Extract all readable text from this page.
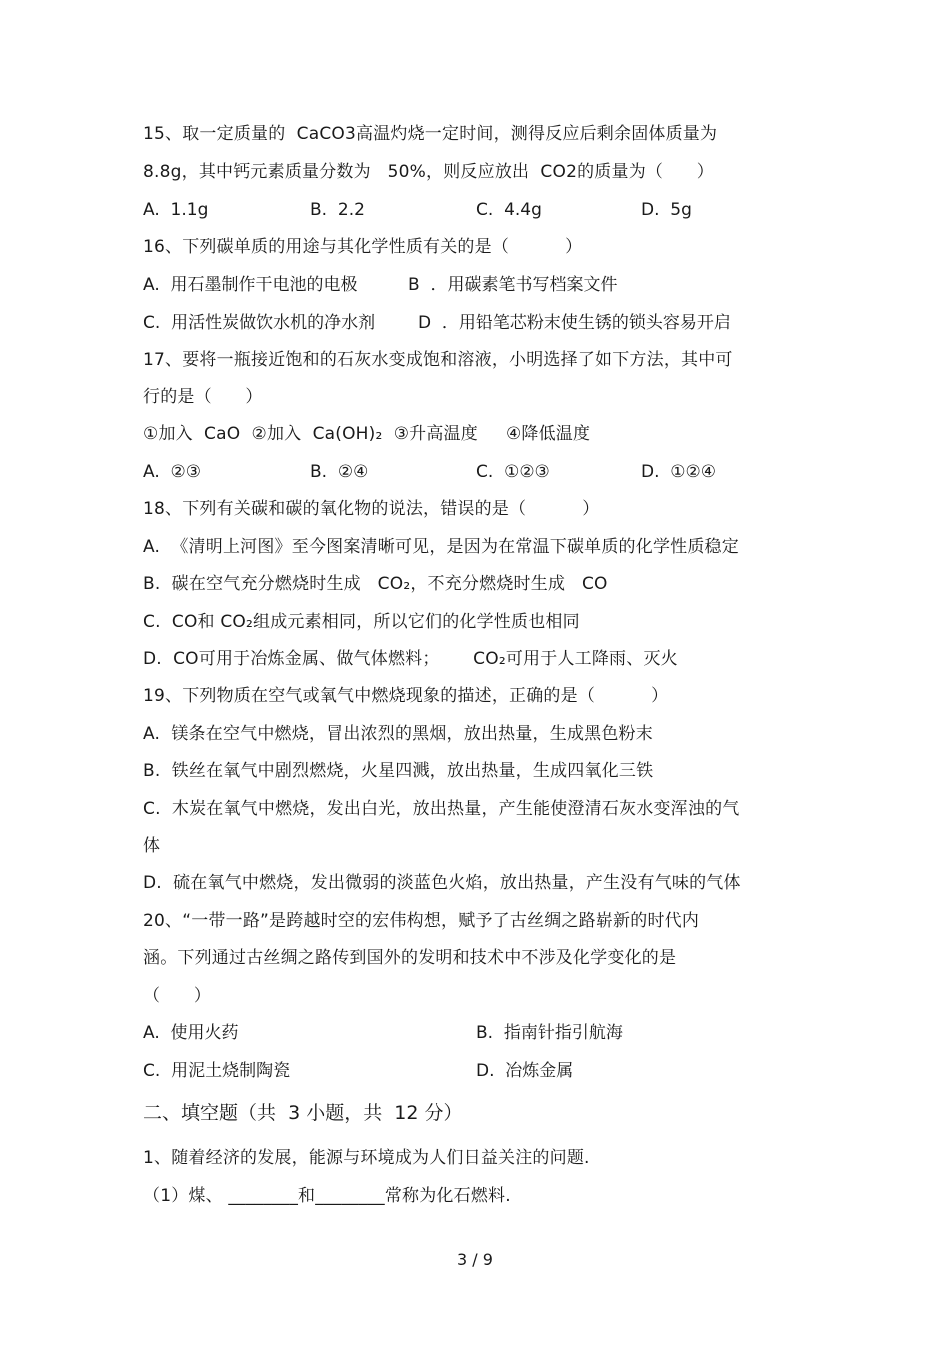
15、取一定质量的  CaCO3高温灼烧一定时间，测得反应后剩余固体质量为
8.8g，其中钙元素质量分数为   50%，则反应放出  CO2的质量为（      ）
A.  1.1g	B.  2.2	C.  4.4g	D.  5g
16、下列碳单质的用途与其化学性质有关的是（          ）
A.  用石墨制作干电池的电极	B  ．用碳素笔书写档案文件
C.  用活性炭做饮水机的净水剂	D  ．用铅笔芯粉末使生锈的锁头容易开启
17、要将一瓶接近饱和的石灰水变成饱和溶液，小明选择了如下方法，其中可
行的是（      ）
①加入  CaO  ②加入  Ca(OH)₂  ③升高温度     ④降低温度
A.  ②③	B.  ②④	C.  ①②③	D.  ①②④
18、下列有关碳和碳的氧化物的说法，错误的是（          ）
A.  《清明上河图》至今图案清晰可见，是因为在常温下碳单质的化学性质稳定
B.  碳在空气充分燃烧时生成   CO₂，不充分燃烧时生成   CO
C.  CO和 CO₂组成元素相同，所以它们的化学性质也相同
D.  CO可用于冶炼金属、做气体燃料；      CO₂可用于人工降雨、灭火
19、下列物质在空气或氧气中燃烧现象的描述，正确的是（          ）
A.  镁条在空气中燃烧，冒出浓烈的黑烟，放出热量，生成黑色粉末
B.  铁丝在氧气中剧烈燃烧，火星四溅，放出热量，生成四氧化三铁
C.  木炭在氧气中燃烧，发出白光，放出热量，产生能使澄清石灰水变浑浊的气
体
D.  硫在氧气中燃烧，发出微弱的淡蓝色火焰，放出热量，产生没有气味的气体
20、“一带一路”是跨越时空的宏伟构想，赋予了古丝绸之路崭新的时代内
涵。下列通过古丝绸之路传到国外的发明和技术中不涉及化学变化的是
（      ）
A.  使用火药	B.  指南针指引航海
C.  用泥土烧制陶瓷	D.  冶炼金属
二、填空题（共  3 小题，共  12 分）
1、随着经济的发展，能源与环境成为人们日益关注的问题.
（1）煤、 ________和________常称为化石燃料.
3 / 9
